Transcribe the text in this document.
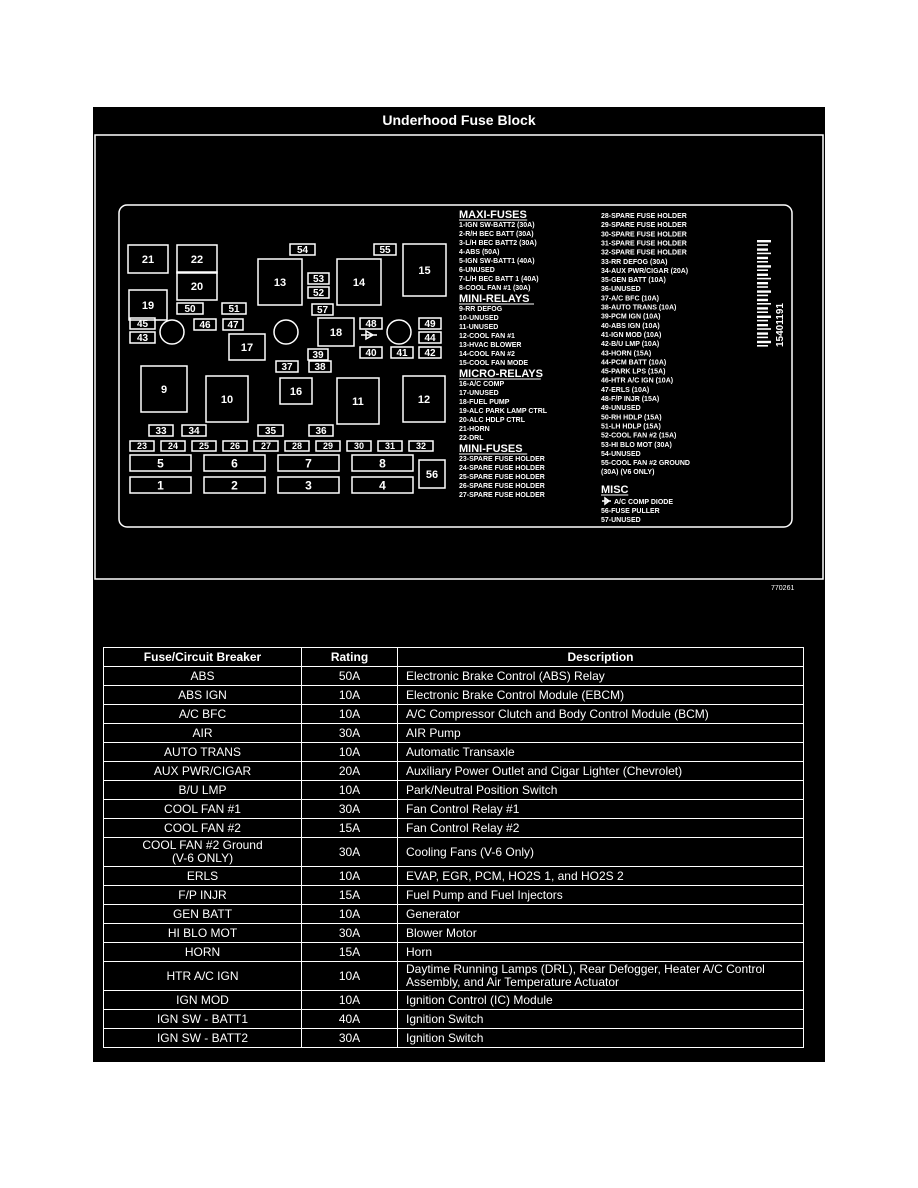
15401191
21	22
20
19
13	14
15
18
17
9
10
16
11	12
54	55
53
52
57
50	51
46 47
45
43
48	49
44
39	40 41 42
37 38
33 34	35	36
23 24 25 26 27 28 29 30 31 32
5	6	7	8
1	2	3	4
56
MAXI-FUSES
1-IGN SW-BATT2 (30A)
2-R/H BEC BATT (30A)
3-L/H BEC BATT2 (30A)
4-ABS (50A)
5-IGN SW-BATT1 (40A)
6-UNUSED
7-L/H BEC BATT 1 (40A)
8-COOL FAN #1 (30A)
MINI-RELAYS
9-RR DEFOG
10-UNUSED
11-UNUSED
12-COOL FAN #1
13-HVAC BLOWER
14-COOL FAN #2
15-COOL FAN MODE
MICRO-RELAYS
16-A/C COMP
17-UNUSED
18-FUEL PUMP
19-ALC PARK LAMP CTRL
20-ALC HDLP CTRL
21-HORN
22-DRL
MINI-FUSES
23-SPARE FUSE HOLDER
24-SPARE FUSE HOLDER
25-SPARE FUSE HOLDER
26-SPARE FUSE HOLDER
27-SPARE FUSE HOLDER
28-SPARE FUSE HOLDER
29-SPARE FUSE HOLDER
30-SPARE FUSE HOLDER
31-SPARE FUSE HOLDER
32-SPARE FUSE HOLDER
33-RR DEFOG (30A)
34-AUX PWR/CIGAR (20A)
35-GEN BATT (10A)
36-UNUSED
37-A/C BFC (10A)
38-AUTO TRANS (10A)
39-PCM IGN (10A)
40-ABS IGN (10A)
41-IGN MOD (10A)
42-B/U LMP (10A)
43-HORN (15A)
44-PCM BATT (10A)
45-PARK LPS (15A)
46-HTR A/C IGN (10A)
47-ERLS (10A)
48-F/P INJR (15A)
49-UNUSED
50-RH HDLP (15A)
51-LH HDLP (15A)
52-COOL FAN #2 (15A)
53-HI BLO MOT (30A)
54-UNUSED
55-COOL FAN #2 GROUND
(30A) (V6 ONLY)
MISC
A/C COMP DIODE
56-FUSE PULLER
57-UNUSED
Underhood Fuse Block
770261
Fuse/Circuit Breaker	Rating	Description
ABS	50A	Electronic Brake Control (ABS) Relay
ABS IGN	10A	Electronic Brake Control Module (EBCM)
A/C BFC	10A	A/C Compressor Clutch and Body Control Module (BCM)
AIR	30A	AIR Pump
AUTO TRANS	10A	Automatic Transaxle
AUX PWR/CIGAR	20A	Auxiliary Power Outlet and Cigar Lighter (Chevrolet)
B/U LMP	10A	Park/Neutral Position Switch
COOL FAN #1	30A	Fan Control Relay #1
COOL FAN #2	15A	Fan Control Relay #2
COOL FAN #2 Ground
(V-6 ONLY)	30A	Cooling Fans (V-6 Only)
ERLS	10A	EVAP, EGR, PCM, HO2S 1, and HO2S 2
F/P INJR	15A	Fuel Pump and Fuel Injectors
GEN BATT	10A	Generator
HI BLO MOT	30A	Blower Motor
HORN	15A	Horn
HTR A/C IGN	10A	Daytime Running Lamps (DRL), Rear Defogger, Heater A/C Control Assembly, and Air Temperature Actuator
IGN MOD	10A	Ignition Control (IC) Module
IGN SW - BATT1	40A	Ignition Switch
IGN SW - BATT2	30A	Ignition Switch
